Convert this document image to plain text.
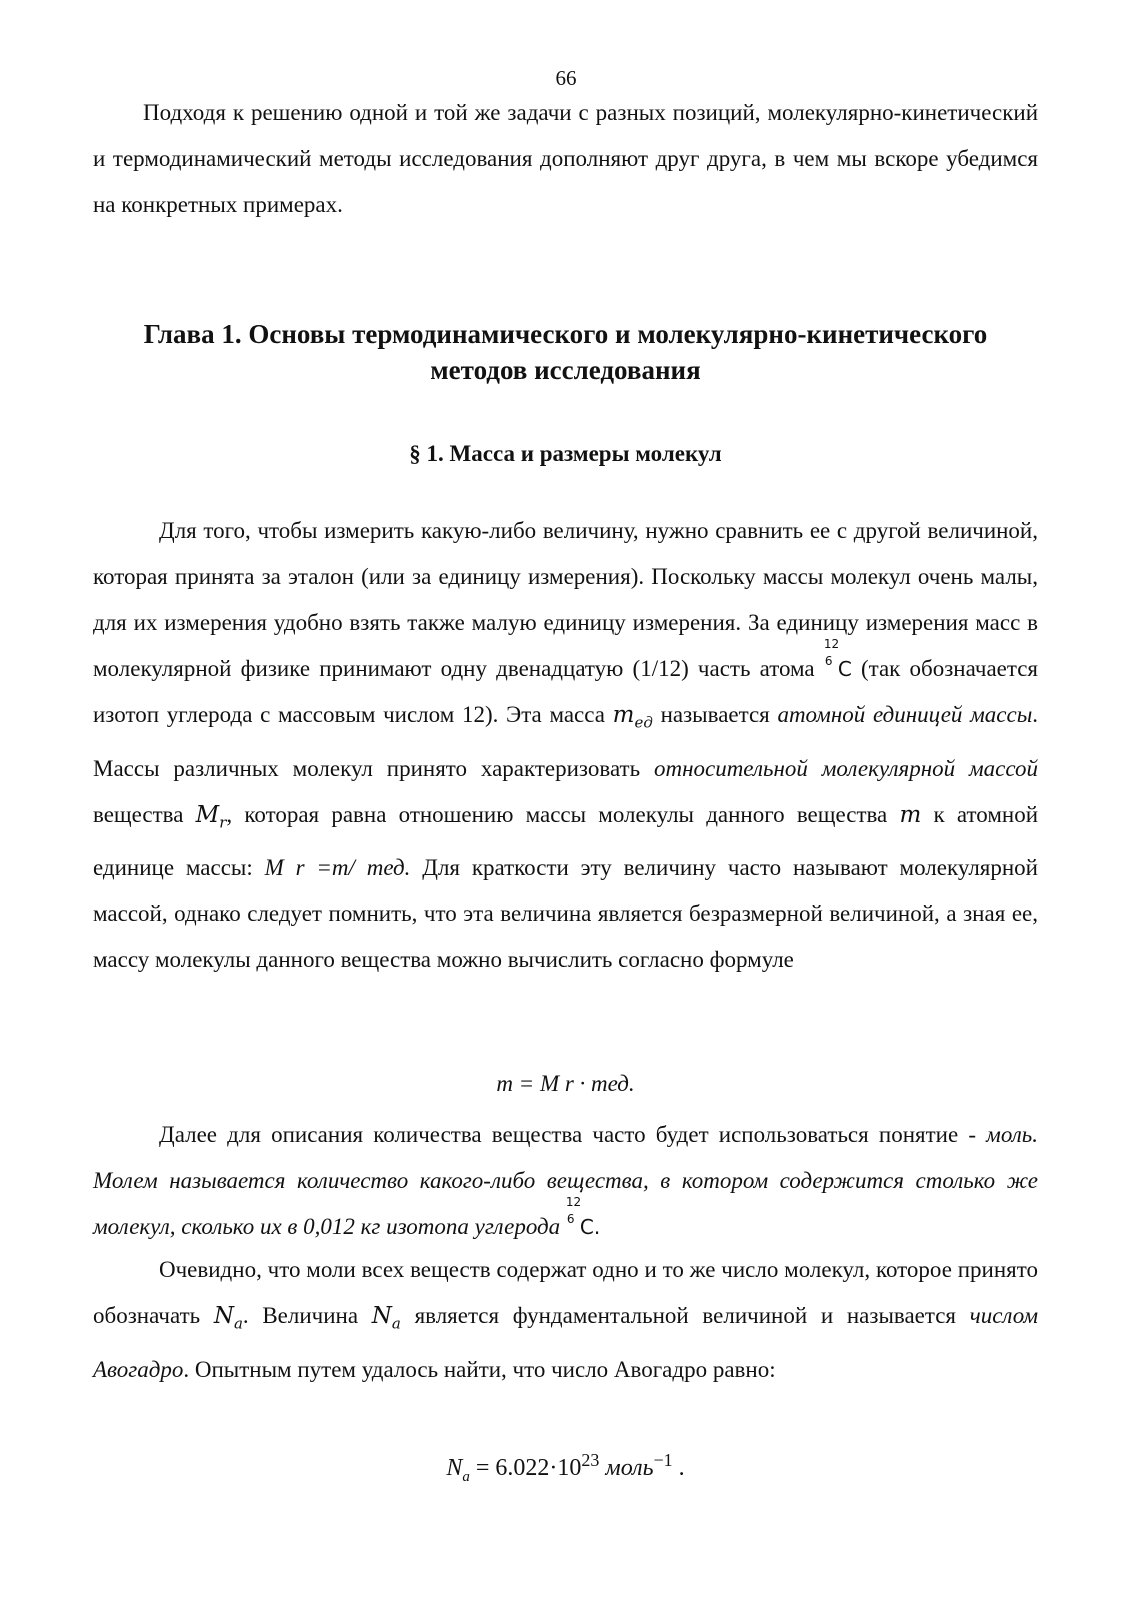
66

Подходя к решению одной и той же задачи с разных позиций, молекулярно-кинетический и термодинамический методы исследования дополняют друг друга, в чем мы вскоре убедимся на конкретных примерах.

Глава 1. Основы термодинамического и молекулярно-кинетического методов исследования
§ 1. Масса и размеры молекул

Для того, чтобы измерить какую-либо величину, нужно сравнить ее с другой величиной, которая принята за эталон (или за единицу измерения). Поскольку массы молекул очень малы, для их измерения удобно взять также малую единицу измерения. За единицу измерения масс в молекулярной физике принимают одну двенадцатую (1/12) часть атома
12
6 C (так обозначается изотоп углерода с массовым числом 12). Эта масса $m_{ед}$ называется атомной единицей массы. Массы различных молекул принято характеризовать относительной молекулярной массой вещества $M_r$, которая равна отношению массы молекулы данного вещества m к атомной единице массы: M r =m/ mед. Для краткости эту величину часто называют молекулярной массой, однако следует помнить, что эта величина является безразмерной величиной, а зная ее, массу молекулы данного вещества можно вычислить согласно формуле

m = M r · mед.

Далее для описания количества вещества часто будет использоваться понятие - моль. Молем называется количество какого-либо вещества, в котором содержится столько же молекул, сколько их в 0,012 кг изотопа углерода
12
6 C.

Очевидно, что моли всех веществ содержат одно и то же число молекул, которое принято обозначать $N_a$. Величина $N_a$ является фундаментальной величиной и называется числом Авогадро. Опытным путем удалось найти, что число Авогадро равно:

$N_a = 6.022\cdot 10^{23}$ моль$^{-1}$ .
